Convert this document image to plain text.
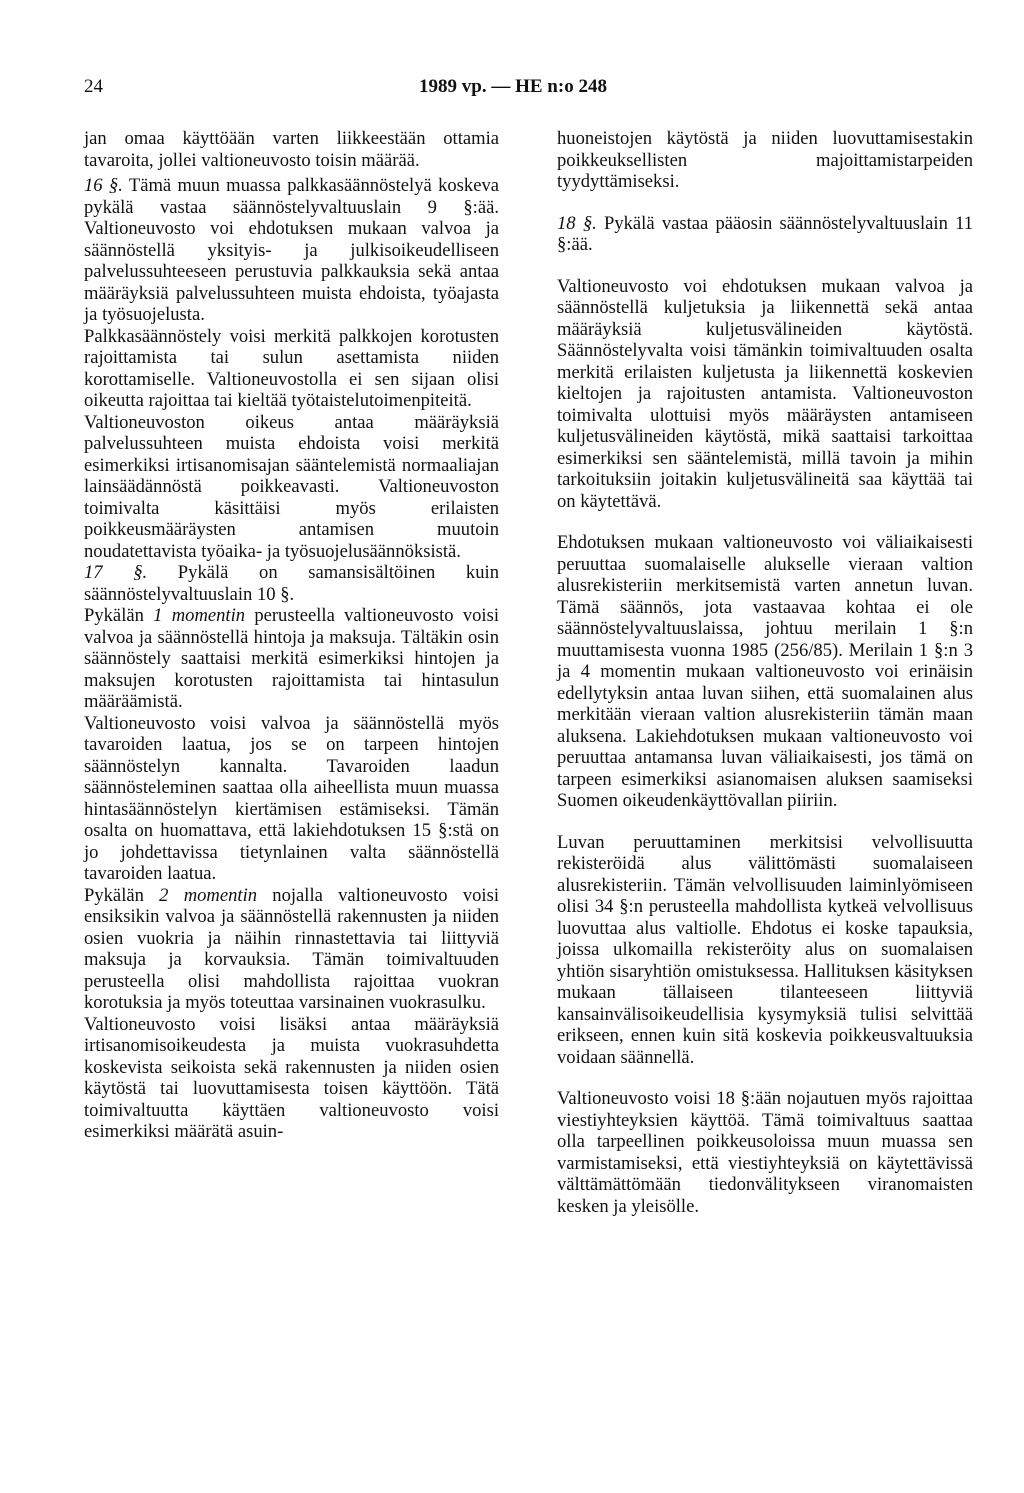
24	1989 vp. — HE n:o 248

jan omaa käyttöään varten liikkeestään ottamia tavaroita, jollei valtioneuvosto toisin määrää.

16 §. Tämä muun muassa palkkasäännöstelyä koskeva pykälä vastaa säännöstelyvaltuuslain 9 §:ää. Valtioneuvosto voi ehdotuksen mukaan valvoa ja säännöstellä yksityis- ja julkisoikeudelliseen palvelussuhteeseen perustuvia palkkauksia sekä antaa määräyksiä palvelussuhteen muista ehdoista, työajasta ja työsuojelusta.

Palkkasäännöstely voisi merkitä palkkojen korotusten rajoittamista tai sulun asettamista niiden korottamiselle. Valtioneuvostolla ei sen sijaan olisi oikeutta rajoittaa tai kieltää työtaistelutoimenpiteitä.

Valtioneuvoston oikeus antaa määräyksiä palvelussuhteen muista ehdoista voisi merkitä esimerkiksi irtisanomisajan sääntelemistä normaaliajan lainsäädännöstä poikkeavasti. Valtioneuvoston toimivalta käsittäisi myös erilaisten poikkeusmääräysten antamisen muutoin noudatettavista työaika- ja työsuojelusäännöksistä.

17 §. Pykälä on samansisältöinen kuin säännöstelyvaltuuslain 10 §.

Pykälän 1 momentin perusteella valtioneuvosto voisi valvoa ja säännöstellä hintoja ja maksuja. Tältäkin osin säännöstely saattaisi merkitä esimerkiksi hintojen ja maksujen korotusten rajoittamista tai hintasulun määräämistä.

Valtioneuvosto voisi valvoa ja säännöstellä myös tavaroiden laatua, jos se on tarpeen hintojen säännöstelyn kannalta. Tavaroiden laadun säännösteleminen saattaa olla aiheellista muun muassa hintasäännöstelyn kiertämisen estämiseksi. Tämän osalta on huomattava, että lakiehdotuksen 15 §:stä on jo johdettavissa tietynlainen valta säännöstellä tavaroiden laatua.

Pykälän 2 momentin nojalla valtioneuvosto voisi ensiksikin valvoa ja säännöstellä rakennusten ja niiden osien vuokria ja näihin rinnastettavia tai liittyviä maksuja ja korvauksia. Tämän toimivaltuuden perusteella olisi mahdollista rajoittaa vuokran korotuksia ja myös toteuttaa varsinainen vuokrasulku.

Valtioneuvosto voisi lisäksi antaa määräyksiä irtisanomisoikeudesta ja muista vuokrasuhdetta koskevista seikoista sekä rakennusten ja niiden osien käytöstä tai luovuttamisesta toisen käyttöön. Tätä toimivaltuutta käyttäen valtioneuvosto voisi esimerkiksi määrätä asuin-

huoneistojen käytöstä ja niiden luovuttamisestakin poikkeuksellisten majoittamistarpeiden tyydyttämiseksi.

18 §. Pykälä vastaa pääosin säännöstelyvaltuuslain 11 §:ää.

Valtioneuvosto voi ehdotuksen mukaan valvoa ja säännöstellä kuljetuksia ja liikennettä sekä antaa määräyksiä kuljetusvälineiden käytöstä. Säännöstelyvalta voisi tämänkin toimivaltuuden osalta merkitä erilaisten kuljetusta ja liikennettä koskevien kieltojen ja rajoitusten antamista. Valtioneuvoston toimivalta ulottuisi myös määräysten antamiseen kuljetusvälineiden käytöstä, mikä saattaisi tarkoittaa esimerkiksi sen sääntelemistä, millä tavoin ja mihin tarkoituksiin joitakin kuljetusvälineitä saa käyttää tai on käytettävä.

Ehdotuksen mukaan valtioneuvosto voi väliaikaisesti peruuttaa suomalaiselle alukselle vieraan valtion alusrekisteriin merkitsemistä varten annetun luvan. Tämä säännös, jota vastaavaa kohtaa ei ole säännöstelyvaltuuslaissa, johtuu merilain 1 §:n muuttamisesta vuonna 1985 (256/85). Merilain 1 §:n 3 ja 4 momentin mukaan valtioneuvosto voi erinäisin edellytyksin antaa luvan siihen, että suomalainen alus merkitään vieraan valtion alusrekisteriin tämän maan aluksena. Lakiehdotuksen mukaan valtioneuvosto voi peruuttaa antamansa luvan väliaikaisesti, jos tämä on tarpeen esimerkiksi asianomaisen aluksen saamiseksi Suomen oikeudenkäyttövallan piiriin.

Luvan peruuttaminen merkitsisi velvollisuutta rekisteröidä alus välittömästi suomalaiseen alusrekisteriin. Tämän velvollisuuden laiminlyömiseen olisi 34 §:n perusteella mahdollista kytkeä velvollisuus luovuttaa alus valtiolle. Ehdotus ei koske tapauksia, joissa ulkomailla rekisteröity alus on suomalaisen yhtiön sisaryhtiön omistuksessa. Hallituksen käsityksen mukaan tällaiseen tilanteeseen liittyviä kansainvälisoikeudellisia kysymyksiä tulisi selvittää erikseen, ennen kuin sitä koskevia poikkeusvaltuuksia voidaan säännellä.

Valtioneuvosto voisi 18 §:ään nojautuen myös rajoittaa viestiyhteyksien käyttöä. Tämä toimivaltuus saattaa olla tarpeellinen poikkeusoloissa muun muassa sen varmistamiseksi, että viestiyhteyksiä on käytettävissä välttämättömään tiedonvälitykseen viranomaisten kesken ja yleisölle.
